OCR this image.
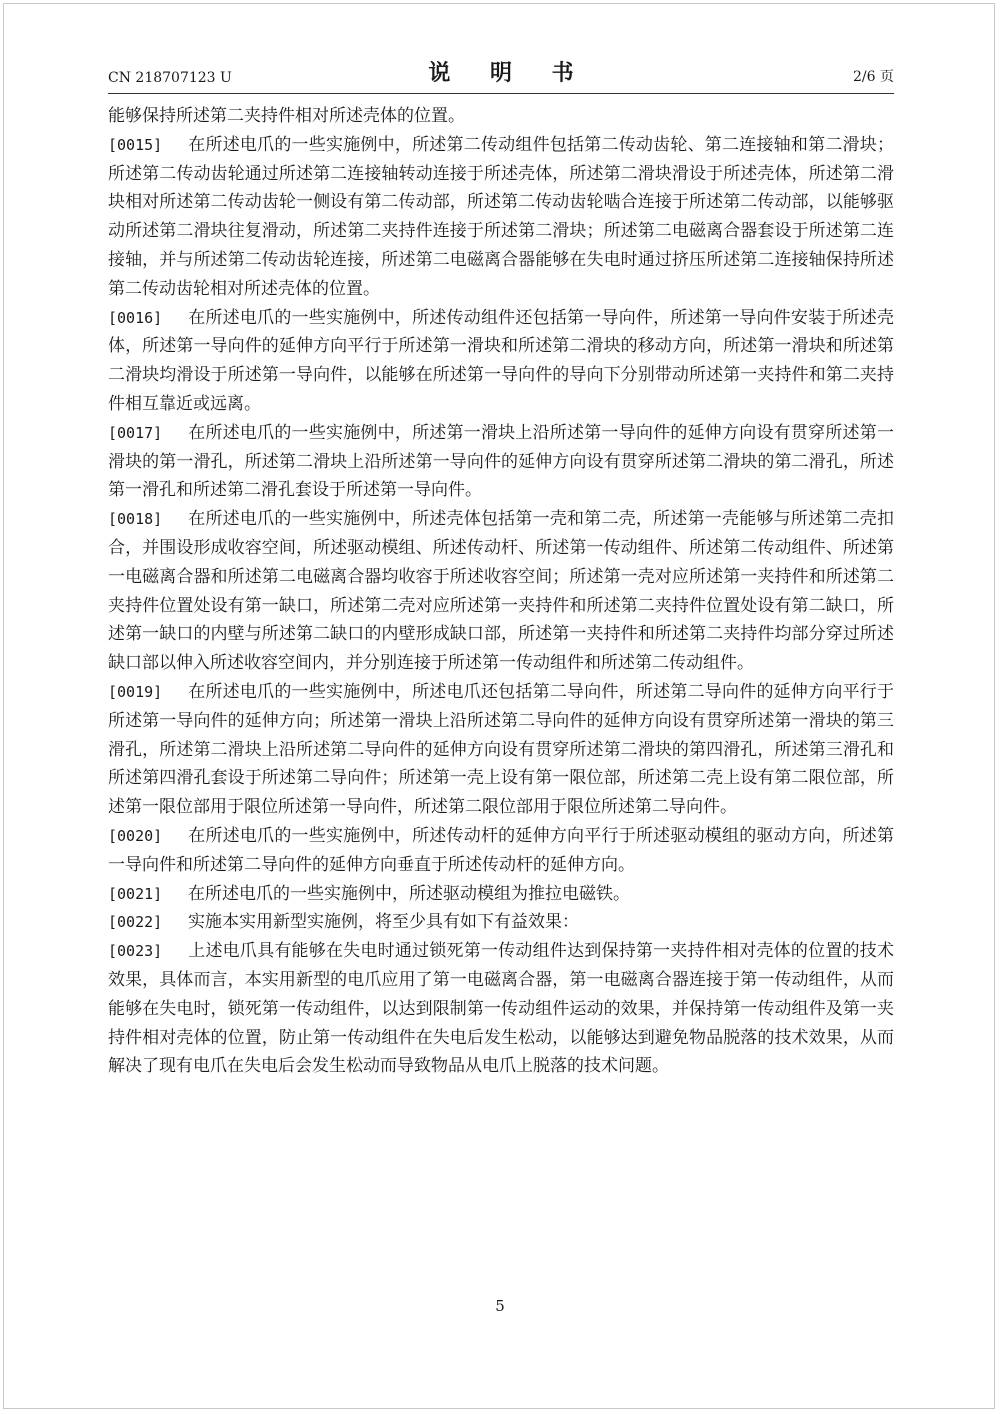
CN 218707123 U	说 明 书	2/6 页

能够保持所述第二夹持件相对所述壳体的位置。

[0015] 在所述电爪的一些实施例中，所述第二传动组件包括第二传动齿轮、第二连接轴和第二滑块；所述第二传动齿轮通过所述第二连接轴转动连接于所述壳体，所述第二滑块滑设于所述壳体，所述第二滑块相对所述第二传动齿轮一侧设有第二传动部，所述第二传动齿轮啮合连接于所述第二传动部，以能够驱动所述第二滑块往复滑动，所述第二夹持件连接于所述第二滑块；所述第二电磁离合器套设于所述第二连接轴，并与所述第二传动齿轮连接，所述第二电磁离合器能够在失电时通过挤压所述第二连接轴保持所述第二传动齿轮相对所述壳体的位置。

[0016] 在所述电爪的一些实施例中，所述传动组件还包括第一导向件，所述第一导向件安装于所述壳体，所述第一导向件的延伸方向平行于所述第一滑块和所述第二滑块的移动方向，所述第一滑块和所述第二滑块均滑设于所述第一导向件，以能够在所述第一导向件的导向下分别带动所述第一夹持件和第二夹持件相互靠近或远离。

[0017] 在所述电爪的一些实施例中，所述第一滑块上沿所述第一导向件的延伸方向设有贯穿所述第一滑块的第一滑孔，所述第二滑块上沿所述第一导向件的延伸方向设有贯穿所述第二滑块的第二滑孔，所述第一滑孔和所述第二滑孔套设于所述第一导向件。

[0018] 在所述电爪的一些实施例中，所述壳体包括第一壳和第二壳，所述第一壳能够与所述第二壳扣合，并围设形成收容空间，所述驱动模组、所述传动杆、所述第一传动组件、所述第二传动组件、所述第一电磁离合器和所述第二电磁离合器均收容于所述收容空间；所述第一壳对应所述第一夹持件和所述第二夹持件位置处设有第一缺口，所述第二壳对应所述第一夹持件和所述第二夹持件位置处设有第二缺口，所述第一缺口的内壁与所述第二缺口的内壁形成缺口部，所述第一夹持件和所述第二夹持件均部分穿过所述缺口部以伸入所述收容空间内，并分别连接于所述第一传动组件和所述第二传动组件。

[0019] 在所述电爪的一些实施例中，所述电爪还包括第二导向件，所述第二导向件的延伸方向平行于所述第一导向件的延伸方向；所述第一滑块上沿所述第二导向件的延伸方向设有贯穿所述第一滑块的第三滑孔，所述第二滑块上沿所述第二导向件的延伸方向设有贯穿所述第二滑块的第四滑孔，所述第三滑孔和所述第四滑孔套设于所述第二导向件；所述第一壳上设有第一限位部，所述第二壳上设有第二限位部，所述第一限位部用于限位所述第一导向件，所述第二限位部用于限位所述第二导向件。

[0020] 在所述电爪的一些实施例中，所述传动杆的延伸方向平行于所述驱动模组的驱动方向，所述第一导向件和所述第二导向件的延伸方向垂直于所述传动杆的延伸方向。

[0021] 在所述电爪的一些实施例中，所述驱动模组为推拉电磁铁。

[0022] 实施本实用新型实施例，将至少具有如下有益效果：

[0023] 上述电爪具有能够在失电时通过锁死第一传动组件达到保持第一夹持件相对壳体的位置的技术效果，具体而言，本实用新型的电爪应用了第一电磁离合器，第一电磁离合器连接于第一传动组件，从而能够在失电时，锁死第一传动组件，以达到限制第一传动组件运动的效果，并保持第一传动组件及第一夹持件相对壳体的位置，防止第一传动组件在失电后发生松动，以能够达到避免物品脱落的技术效果，从而解决了现有电爪在失电后会发生松动而导致物品从电爪上脱落的技术问题。

5
